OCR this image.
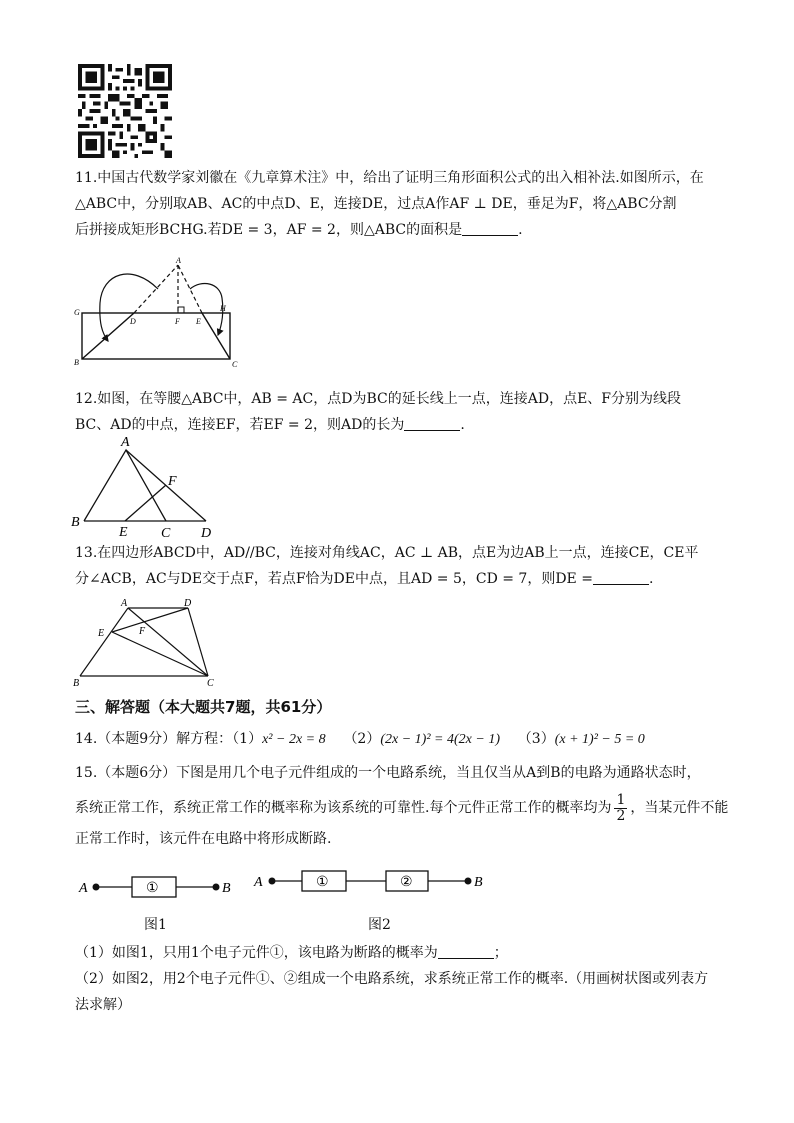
11.中国古代数学家刘徽在《九章算术注》中，给出了证明三角形面积公式的出入相补法.如图所示，在
△ABC中，分别取AB、AC的中点D、E，连接DE，过点A作AF ⊥ DE，垂足为F，将△ABC分割
后拼接成矩形BCHG.若DE = 3，AF = 2，则△ABC的面积是	.
A
G
D	F E
H
B	C
12.如图，在等腰△ABC中，AB = AC，点D为BC的延长线上一点，连接AD，点E、F分别为线段
BC、AD的中点，连接EF，若EF = 2，则AD的长为	.
A
F
B
E C D
13.在四边形ABCD中，AD//BC，连接对角线AC，AC ⊥ AB，点E为边AB上一点，连接CE，CE平
分∠ACB，AC与DE交于点F，若点F恰为DE中点，且AD = 5，CD = 7，则DE =	.
A	D
E	F
B	C
三、解答题（本大题共7题，共61分）
14.（本题9分）解方程：（1）x² − 2x = 8 （2）(2x − 1)² = 4(2x − 1) （3）(x + 1)² − 5 = 0
15.（本题6分）下图是用几个电子元件组成的一个电路系统，当且仅当从A到B的电路为通路状态时，
系统正常工作，系统正常工作的概率称为该系统的可靠性.每个元件正常工作的概率均为 $\frac{1}{2}$ ，当某元件不能
正常工作时，该元件在电路中将形成断路.
A	B
①
图1
A	B
①	②
图2
（1）如图1，只用1个电子元件①，该电路为断路的概率为	；
（2）如图2，用2个电子元件①、②组成一个电路系统，求系统正常工作的概率.（用画树状图或列表方
法求解）
